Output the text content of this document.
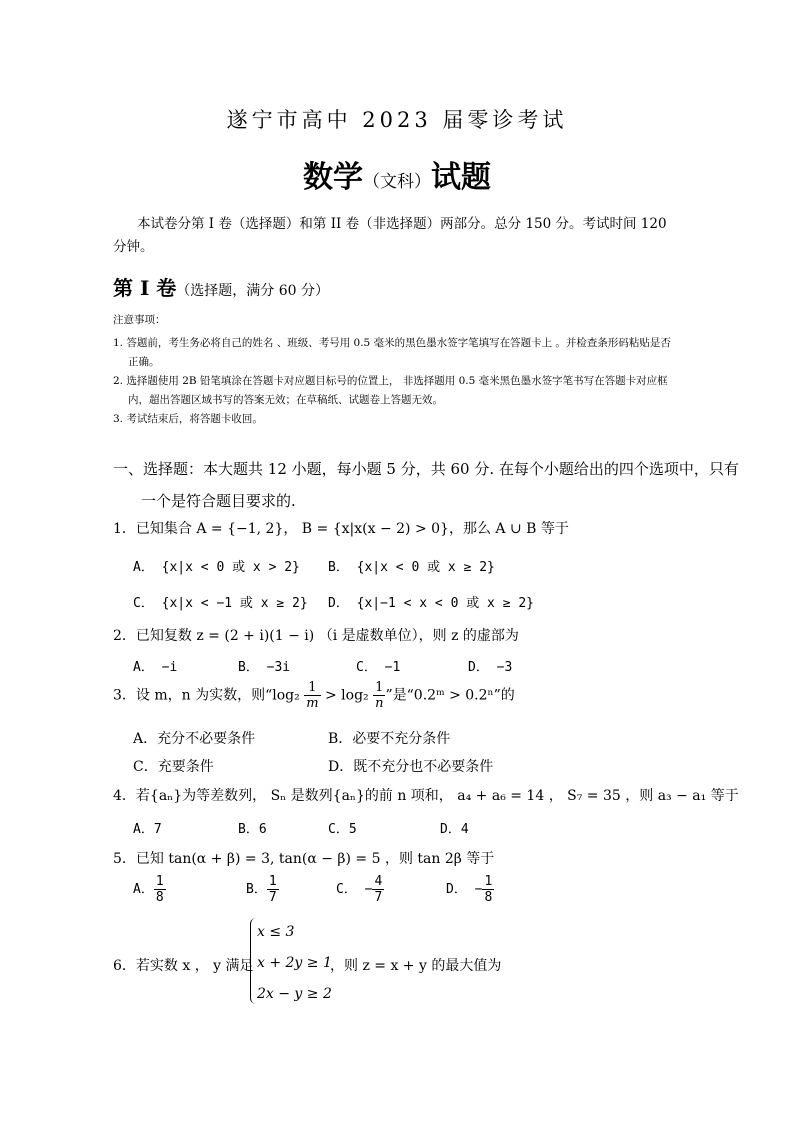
遂宁市高中 2023 届零诊考试
数学（文科）试题
本试卷分第 I 卷（选择题）和第 II 卷（非选择题）两部分。总分 150 分。考试时间 120
分钟。
第 Ⅰ 卷（选择题，满分 60 分）
注意事项：
1. 答题前，考生务必将自己的姓名 、班级、考号用 0.5 毫米的黑色墨水签字笔填写在答题卡上 。并检查条形码粘贴是否
正确。
2. 选择题使用 2B 铅笔填涂在答题卡对应题目标号的位置上， 非选择题用 0.5 毫米黑色墨水签字笔书写在答题卡对应框
内，超出答题区域书写的答案无效；在草稿纸、试题卷上答题无效。
3. 考试结束后，将答题卡收回。
一、选择题：本大题共 12 小题，每小题 5 分，共 60 分. 在每个小题给出的四个选项中，只有
一个是符合题目要求的.
1．已知集合 A = {−1, 2}， B = {x|x(x − 2) > 0}，那么 A ∪ B 等于
A． {x|x < 0 或 x > 2} B． {x|x < 0 或 x ≥ 2}
C． {x|x < −1 或 x ≥ 2} D． {x|−1 < x < 0 或 x ≥ 2}
2．已知复数 z = (2 + i)(1 − i) （i 是虚数单位），则 z 的虚部为
A． −i	B． −3i	C． −1	D． −3
3．设 m，n 为实数，则“$\log_2 \frac{1}{m} > \log_2 \frac{1}{n}$ ”是“0.2ᵐ > 0.2ⁿ”的
A．充分不必要条件	B．必要不充分条件
C．充要条件	D．既不充分也不必要条件
4．若{aₙ}为等差数列， Sₙ 是数列{aₙ}的前 n 项和， a₄ + a₆ = 14 ， S₇ = 35 ，则 a₃ − a₁ 等于
A．7	B．6	C．5	D．4
5．已知 tan(α + β) = 3, tan(α − β) = 5 ，则 tan 2β 等于
A． $\frac{1}{8}$	B． $\frac{1}{7}$	C． − $\frac{4}{7}$	D． − $\frac{1}{8}$
6．若实数 x ， y 满足
x ≤ 3
x + 2y ≥ 1
2x − y ≥ 2
，则 z = x + y 的最大值为
